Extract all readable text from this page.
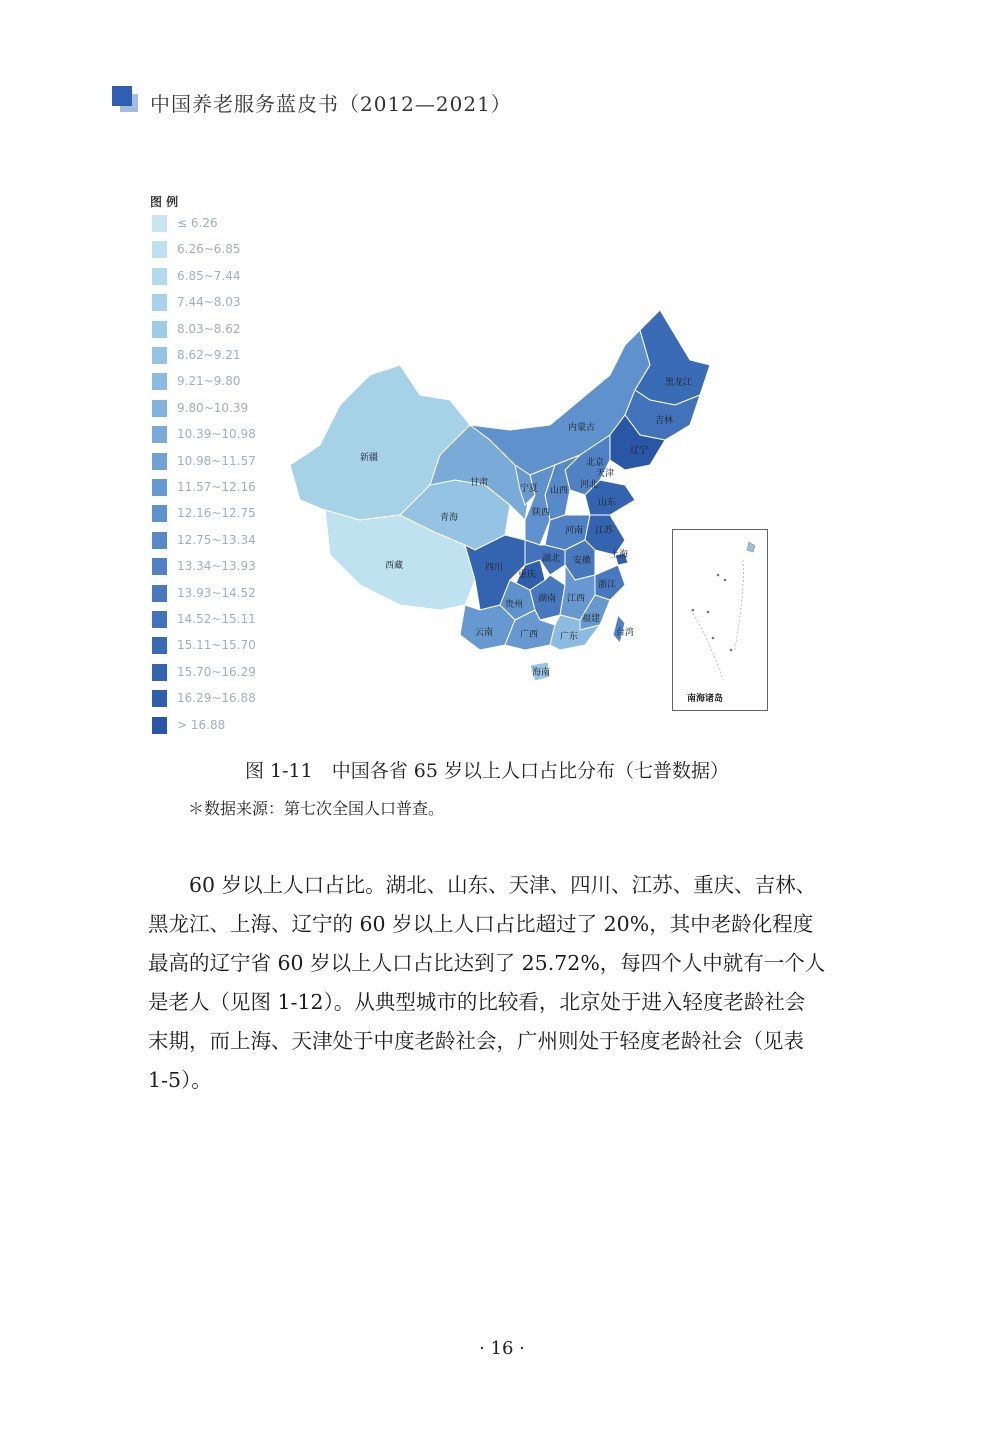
中国养老服务蓝皮书（2012—2021）
图 例
≤ 6.26
6.26~6.85
6.85~7.44
7.44~8.03
8.03~8.62
8.62~9.21
9.21~9.80
9.80~10.39
10.39~10.98
10.98~11.57
11.57~12.16
12.16~12.75
12.75~13.34
13.34~13.93
13.93~14.52
14.52~15.11
15.11~15.70
15.70~16.29
16.29~16.88
> 16.88
新疆
西藏
青海
甘肃
内蒙古
黑龙江
吉林
辽宁
北京
天津
河北
山西
山东
宁夏
陕西
河南 江苏
安徽
上海
四川
重庆
湖北
浙江
贵州
湖南 江西
福建
云南	广西 广东	台湾
海南
南海诸岛
图 1-11　中国各省 65 岁以上人口占比分布（七普数据）
＊数据来源：第七次全国人口普查。
　　60 岁以上人口占比。湖北、山东、天津、四川、江苏、重庆、吉林、
黑龙江、上海、辽宁的 60 岁以上人口占比超过了 20%，其中老龄化程度
最高的辽宁省 60 岁以上人口占比达到了 25.72%，每四个人中就有一个人
是老人（见图 1-12）。从典型城市的比较看，北京处于进入轻度老龄社会
末期，而上海、天津处于中度老龄社会，广州则处于轻度老龄社会（见表
1-5）。
· 16 ·
